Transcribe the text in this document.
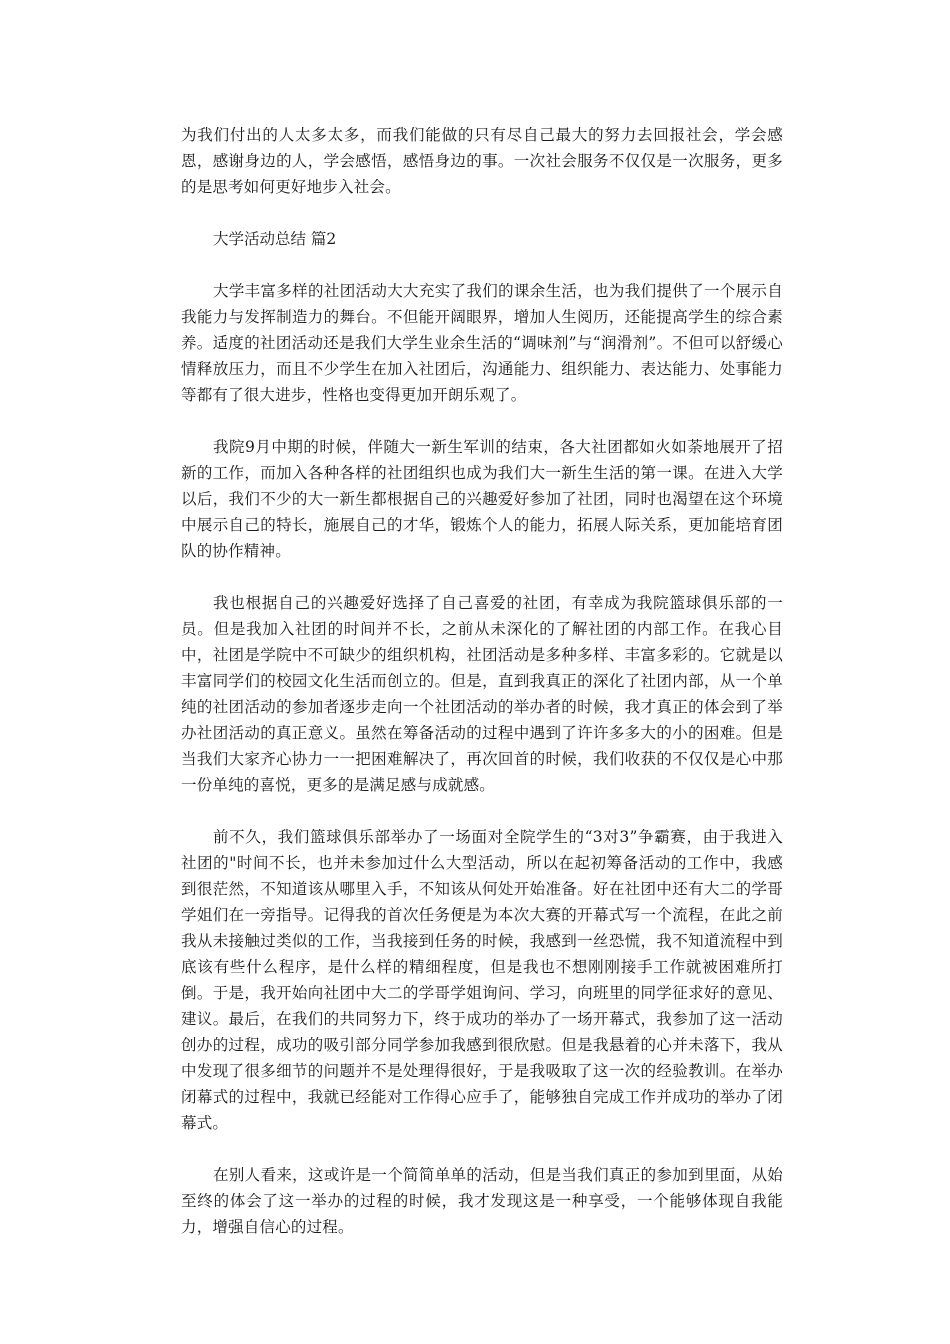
为我们付出的人太多太多，而我们能做的只有尽自己最大的努力去回报社会，学会感恩，感谢身边的人，学会感悟，感悟身边的事。一次社会服务不仅仅是一次服务，更多的是思考如何更好地步入社会。

大学活动总结 篇2

大学丰富多样的社团活动大大充实了我们的课余生活，也为我们提供了一个展示自我能力与发挥制造力的舞台。不但能开阔眼界，增加人生阅历，还能提高学生的综合素养。适度的社团活动还是我们大学生业余生活的“调味剂”与“润滑剂”。不但可以舒缓心情释放压力，而且不少学生在加入社团后，沟通能力、组织能力、表达能力、处事能力等都有了很大进步，性格也变得更加开朗乐观了。

我院9月中期的时候，伴随大一新生军训的结束，各大社团都如火如荼地展开了招新的工作，而加入各种各样的社团组织也成为我们大一新生生活的第一课。在进入大学以后，我们不少的大一新生都根据自己的兴趣爱好参加了社团，同时也渴望在这个环境中展示自己的特长，施展自己的才华，锻炼个人的能力，拓展人际关系，更加能培育团队的协作精神。

我也根据自己的兴趣爱好选择了自己喜爱的社团，有幸成为我院篮球俱乐部的一员。但是我加入社团的时间并不长，之前从未深化的了解社团的内部工作。在我心目中，社团是学院中不可缺少的组织机构，社团活动是多种多样、丰富多彩的。它就是以丰富同学们的校园文化生活而创立的。但是，直到我真正的深化了社团内部，从一个单纯的社团活动的参加者逐步走向一个社团活动的举办者的时候，我才真正的体会到了举办社团活动的真正意义。虽然在筹备活动的过程中遇到了许许多多大的小的困难。但是当我们大家齐心协力一一把困难解决了，再次回首的时候，我们收获的不仅仅是心中那一份单纯的喜悦，更多的是满足感与成就感。

前不久，我们篮球俱乐部举办了一场面对全院学生的“3对3”争霸赛，由于我进入社团的"时间不长，也并未参加过什么大型活动，所以在起初筹备活动的工作中，我感到很茫然，不知道该从哪里入手，不知该从何处开始准备。好在社团中还有大二的学哥学姐们在一旁指导。记得我的首次任务便是为本次大赛的开幕式写一个流程，在此之前我从未接触过类似的工作，当我接到任务的时候，我感到一丝恐慌，我不知道流程中到底该有些什么程序，是什么样的精细程度，但是我也不想刚刚接手工作就被困难所打倒。于是，我开始向社团中大二的学哥学姐询问、学习，向班里的同学征求好的意见、建议。最后，在我们的共同努力下，终于成功的举办了一场开幕式，我参加了这一活动创办的过程，成功的吸引部分同学参加我感到很欣慰。但是我悬着的心并未落下，我从中发现了很多细节的问题并不是处理得很好，于是我吸取了这一次的经验教训。在举办闭幕式的过程中，我就已经能对工作得心应手了，能够独自完成工作并成功的举办了闭幕式。

在别人看来，这或许是一个简简单单的活动，但是当我们真正的参加到里面，从始至终的体会了这一举办的过程的时候，我才发现这是一种享受，一个能够体现自我能力，增强自信心的过程。
